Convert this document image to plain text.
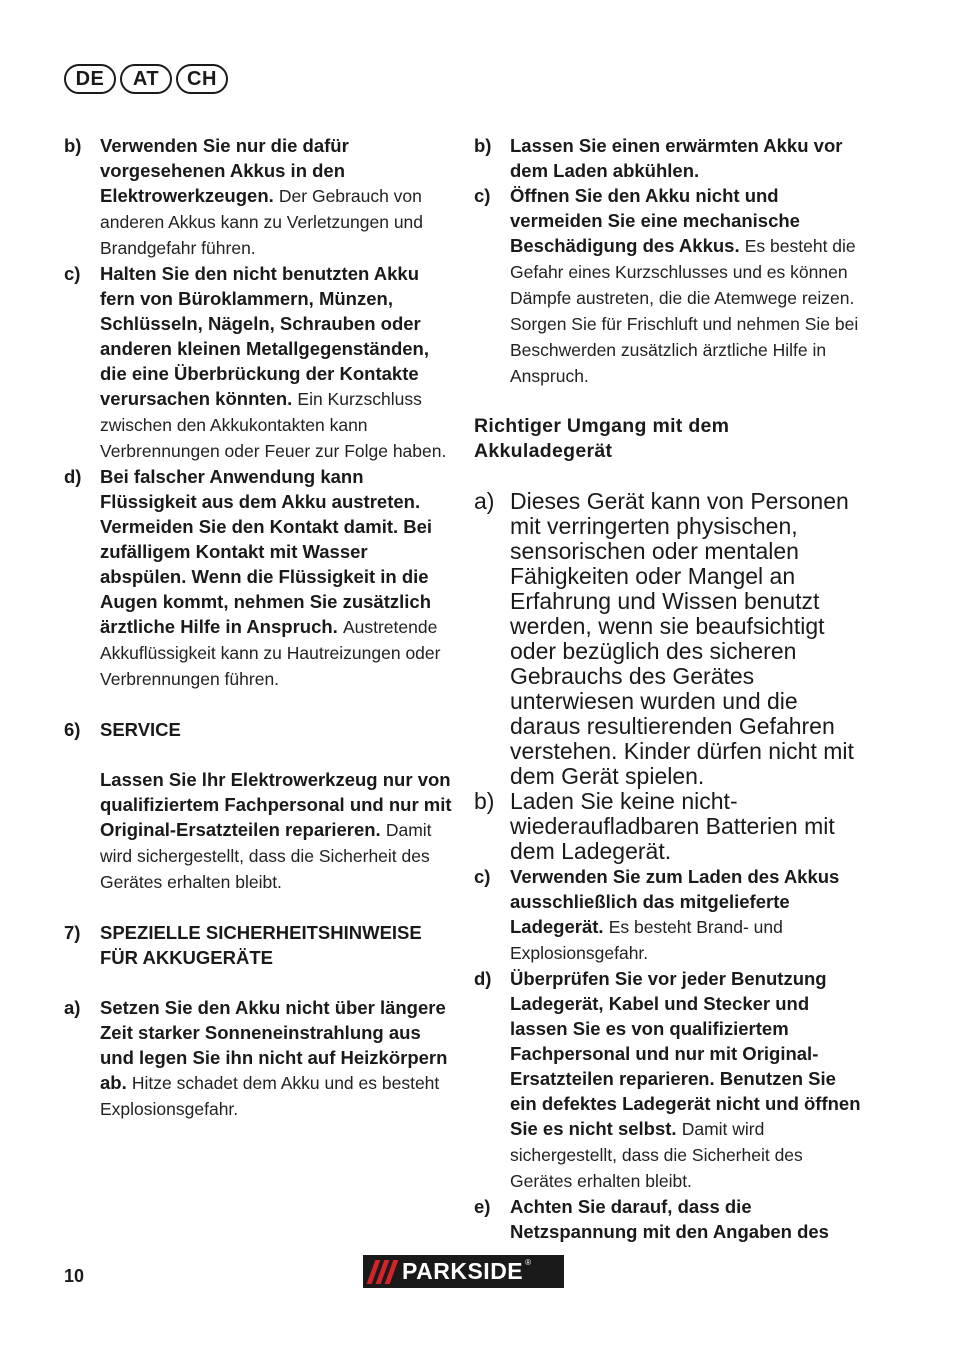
DE	AT	CH
b)	Verwenden Sie nur die dafür vorgesehenen Akkus in den Elektrowerkzeugen. Der Gebrauch von anderen Akkus kann zu Verletzungen und Brandgefahr führen.
c)	Halten Sie den nicht benutzten Akku fern von Büroklammern, Münzen, Schlüsseln, Nägeln, Schrauben oder anderen kleinen Metallgegenständen, die eine Überbrückung der Kontakte verursachen könnten. Ein Kurzschluss zwischen den Akkukontakten kann Verbrennungen oder Feuer zur Folge haben.
d)	Bei falscher Anwendung kann Flüssigkeit aus dem Akku austreten. Vermeiden Sie den Kontakt damit. Bei zufälligem Kontakt mit Wasser abspülen. Wenn die Flüssigkeit in die Augen kommt, nehmen Sie zusätzlich ärztliche Hilfe in Anspruch. Austretende Akkuflüssigkeit kann zu Hautreizungen oder Verbrennungen führen.
6)	SERVICE
Lassen Sie lhr Elektrowerkzeug nur von qualifiziertem Fachpersonal und nur mit Original-Ersatzteilen reparieren. Damit wird sichergestellt, dass die Sicherheit des Gerätes erhalten bleibt.
7)	SPEZIELLE SICHERHEITSHINWEISE FÜR AKKUGERÄTE
a)	Setzen Sie den Akku nicht über längere Zeit starker Sonneneinstrahlung aus und legen Sie ihn nicht auf Heizkörpern ab. Hitze schadet dem Akku und es besteht Explosionsgefahr.
b)	Lassen Sie einen erwärmten Akku vor dem Laden abkühlen.
c)	Öffnen Sie den Akku nicht und vermeiden Sie eine mechanische Beschädigung des Akkus. Es besteht die Gefahr eines Kurzschlusses und es können Dämpfe austreten, die die Atemwege reizen. Sorgen Sie für Frischluft und nehmen Sie bei Beschwerden zusätzlich ärztliche Hilfe in Anspruch.
Richtiger Umgang mit dem Akkuladegerät
a) Dieses Gerät kann von Personen mit verringerten physischen, sensorischen oder mentalen Fähigkeiten oder Mangel an Erfahrung und Wissen benutzt werden, wenn sie beaufsichtigt oder bezüglich des sicheren Gebrauchs des Gerätes unterwiesen wurden und die daraus resultierenden Gefahren verstehen. Kinder dürfen nicht mit dem Gerät spielen.
b) Laden Sie keine nicht-wiederaufladbaren Batterien mit dem Ladegerät.
c)	Verwenden Sie zum Laden des Akkus ausschließlich das mitgelieferte Ladegerät. Es besteht Brand- und Explosionsgefahr.
d)	Überprüfen Sie vor jeder Benutzung Ladegerät, Kabel und Stecker und lassen Sie es von qualifiziertem Fachpersonal und nur mit Original-Ersatzteilen reparieren. Benutzen Sie ein defektes Ladegerät nicht und öffnen Sie es nicht selbst. Damit wird sichergestellt, dass die Sicherheit des Gerätes erhalten bleibt.
e)	Achten Sie darauf, dass die Netzspannung mit den Angaben des
10	PARKSIDE ®
